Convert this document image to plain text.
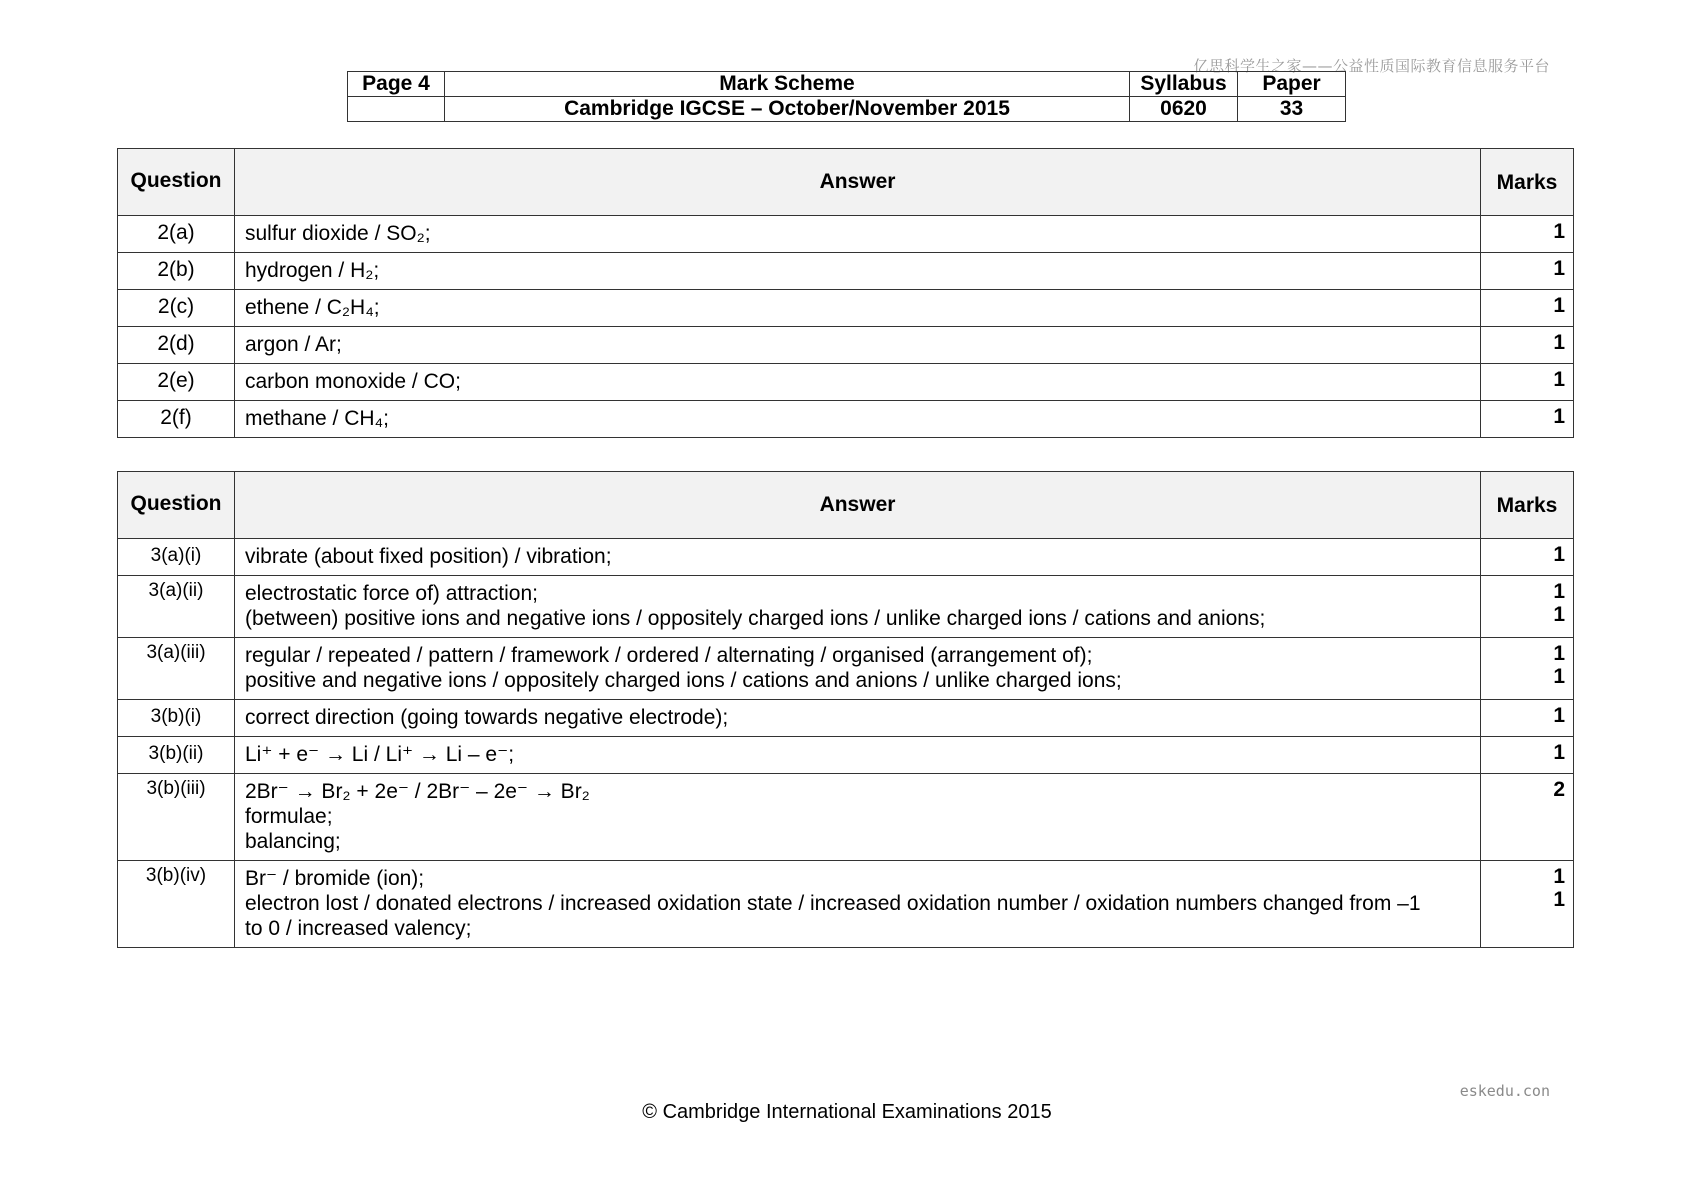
亿思科学生之家——公益性质国际教育信息服务平台
Page 4	Mark Scheme	Syllabus	Paper
	Cambridge IGCSE – October/November 2015	0620	33
Question	Answer	Marks
2(a)	sulfur dioxide / SO₂;	1

2(b)	hydrogen / H₂;	1

2(c)	ethene / C₂H₄;	1

2(d)	argon / Ar;	1

2(e)	carbon monoxide / CO;	1

2(f)	methane / CH₄;	1
Question	Answer	Marks
3(a)(i)	vibrate (about fixed position) / vibration;	1

3(a)(ii)	electrostatic force of) attraction;
(between) positive ions and negative ions / oppositely charged ions / unlike charged ions / cations and anions;	1
1

3(a)(iii)	regular / repeated / pattern / framework / ordered / alternating / organised (arrangement of);
positive and negative ions / oppositely charged ions / cations and anions / unlike charged ions;	1
1

3(b)(i)	correct direction (going towards negative electrode);	1

3(b)(ii)	Li⁺ + e⁻ → Li / Li⁺ → Li – e⁻;	1

3(b)(iii)	2Br⁻ → Br₂ + 2e⁻ / 2Br⁻ – 2e⁻ → Br₂
formulae;
balancing;	2

3(b)(iv)	Br⁻ / bromide (ion);
electron lost / donated electrons / increased oxidation state / increased oxidation number / oxidation numbers changed from –1
to 0 / increased valency;	1
1
eskedu.con
© Cambridge International Examinations 2015
